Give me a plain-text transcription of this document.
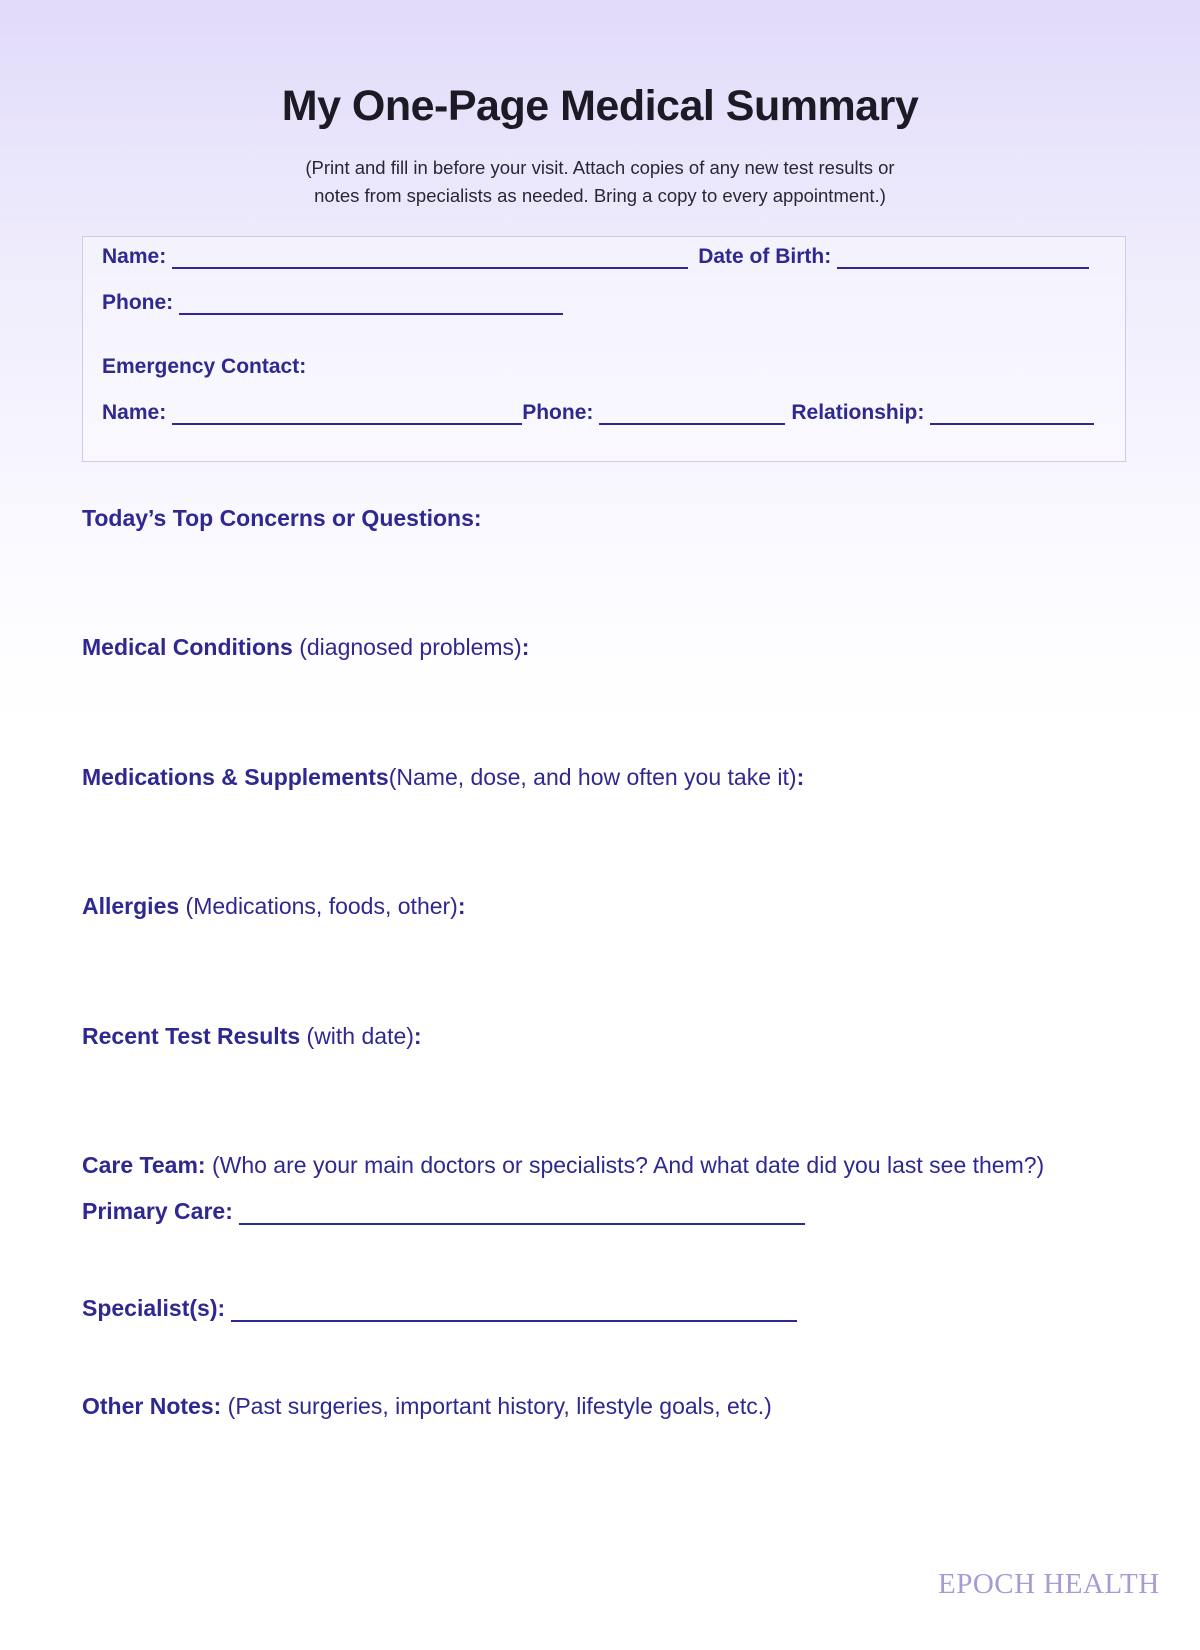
My One-Page Medical Summary
(Print and fill in before your visit. Attach copies of any new test results or
notes from specialists as needed. Bring a copy to every appointment.)
Name:	Date of Birth:
Phone:
Emergency Contact:
Name:	Phone:	Relationship:
Today’s Top Concerns or Questions:
Medical Conditions (diagnosed problems):
Medications & Supplements(Name, dose, and how often you take it):
Allergies (Medications, foods, other):
Recent Test Results (with date):
Care Team: (Who are your main doctors or specialists? And what date did you last see them?)
Primary Care:
Specialist(s):
Other Notes: (Past surgeries, important history, lifestyle goals, etc.)
EPOCH HEALTH
